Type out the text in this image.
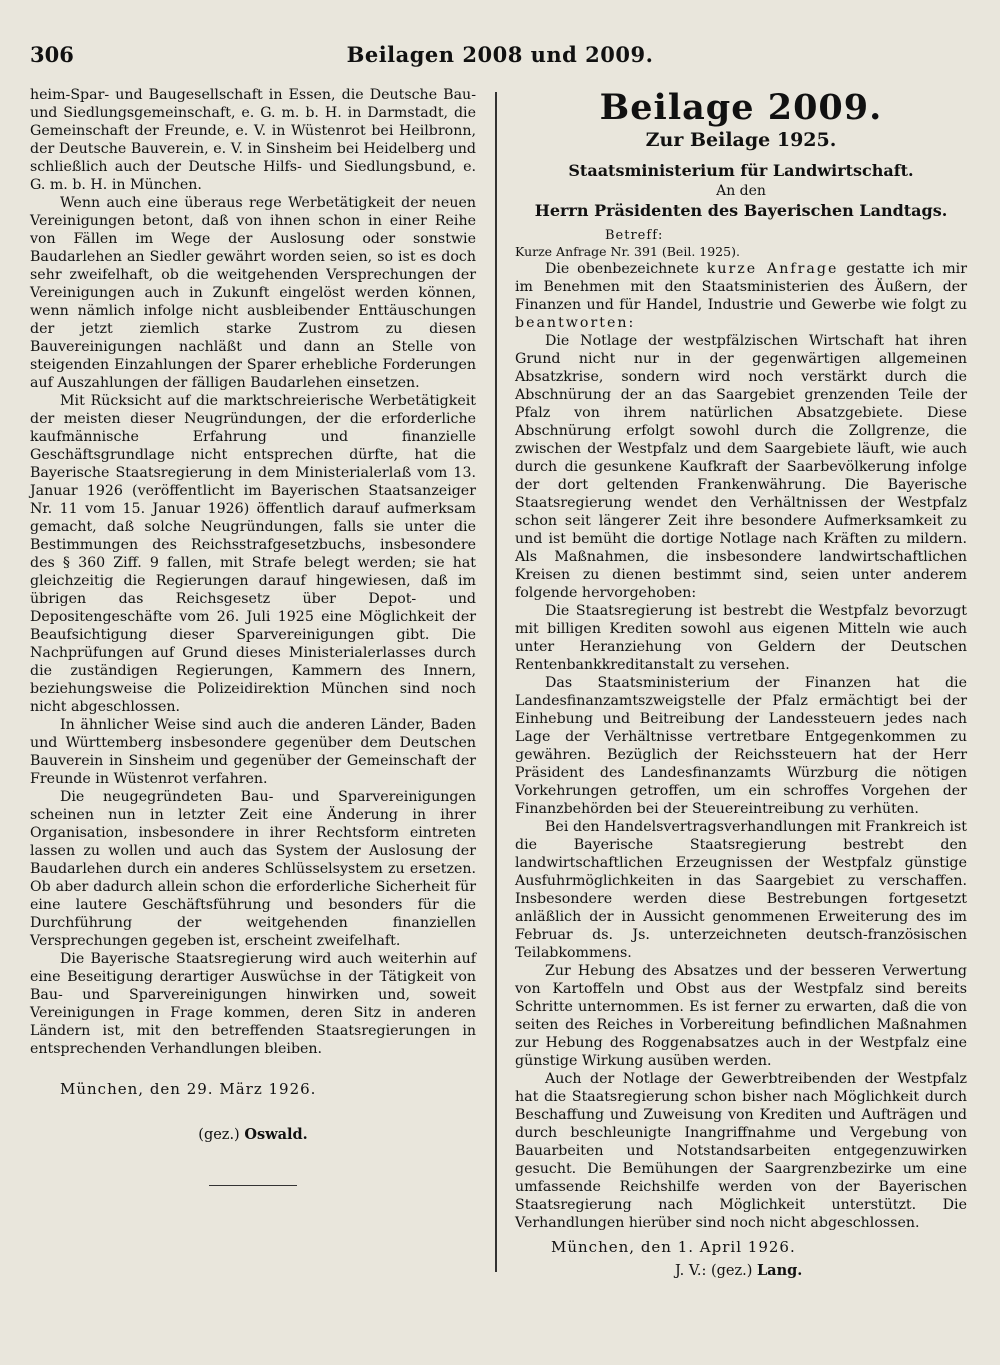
306	Beilagen 2008 und 2009.

heim-Spar- und Baugesellschaft in Essen, die Deutsche Bau- und Siedlungsgemeinschaft, e. G. m. b. H. in Darmstadt, die Gemeinschaft der Freunde, e. V. in Wüstenrot bei Heilbronn, der Deutsche Bauverein, e. V. in Sinsheim bei Heidelberg und schließlich auch der Deutsche Hilfs- und Siedlungsbund, e. G. m. b. H. in München.

Wenn auch eine überaus rege Werbetätigkeit der neuen Vereinigungen betont, daß von ihnen schon in einer Reihe von Fällen im Wege der Auslosung oder sonstwie Baudarlehen an Siedler gewährt worden seien, so ist es doch sehr zweifelhaft, ob die weitgehenden Versprechungen der Vereinigungen auch in Zukunft eingelöst werden können, wenn nämlich infolge nicht ausbleibender Enttäuschungen der jetzt ziemlich starke Zustrom zu diesen Bauvereinigungen nachläßt und dann an Stelle von steigenden Einzahlungen der Sparer erhebliche Forderungen auf Auszahlungen der fälligen Baudarlehen einsetzen.

Mit Rücksicht auf die marktschreierische Werbetätigkeit der meisten dieser Neugründungen, der die erforderliche kaufmännische Erfahrung und finanzielle Geschäftsgrundlage nicht entsprechen dürfte, hat die Bayerische Staatsregierung in dem Ministerialerlaß vom 13. Januar 1926 (veröffentlicht im Bayerischen Staatsanzeiger Nr. 11 vom 15. Januar 1926) öffentlich darauf aufmerksam gemacht, daß solche Neugründungen, falls sie unter die Bestimmungen des Reichsstrafgesetzbuchs, insbesondere des § 360 Ziff. 9 fallen, mit Strafe belegt werden; sie hat gleichzeitig die Regierungen darauf hingewiesen, daß im übrigen das Reichsgesetz über Depot- und Depositengeschäfte vom 26. Juli 1925 eine Möglichkeit der Beaufsichtigung dieser Sparvereinigungen gibt. Die Nachprüfungen auf Grund dieses Ministerialerlasses durch die zuständigen Regierungen, Kammern des Innern, beziehungsweise die Polizeidirektion München sind noch nicht abgeschlossen.

In ähnlicher Weise sind auch die anderen Länder, Baden und Württemberg insbesondere gegenüber dem Deutschen Bauverein in Sinsheim und gegenüber der Gemeinschaft der Freunde in Wüstenrot verfahren.

Die neugegründeten Bau- und Sparvereinigungen scheinen nun in letzter Zeit eine Änderung in ihrer Organisation, insbesondere in ihrer Rechtsform eintreten lassen zu wollen und auch das System der Auslosung der Baudarlehen durch ein anderes Schlüsselsystem zu ersetzen. Ob aber dadurch allein schon die erforderliche Sicherheit für eine lautere Geschäftsführung und besonders für die Durchführung der weitgehenden finanziellen Versprechungen gegeben ist, erscheint zweifelhaft.

Die Bayerische Staatsregierung wird auch weiterhin auf eine Beseitigung derartiger Auswüchse in der Tätigkeit von Bau- und Sparvereinigungen hinwirken und, soweit Vereinigungen in Frage kommen, deren Sitz in anderen Ländern ist, mit den betreffenden Staatsregierungen in entsprechenden Verhandlungen bleiben.

München, den 29. März 1926.
(gez.) Oswald.
Beilage 2009.
Zur Beilage 1925.
Staatsministerium für Landwirtschaft.
An den
Herrn Präsidenten des Bayerischen Landtags.
Betreff:
Kurze Anfrage Nr. 391 (Beil. 1925).

Die obenbezeichnete kurze Anfrage gestatte ich mir im Benehmen mit den Staatsministerien des Äußern, der Finanzen und für Handel, Industrie und Gewerbe wie folgt zu beantworten:

Die Notlage der westpfälzischen Wirtschaft hat ihren Grund nicht nur in der gegenwärtigen allgemeinen Absatzkrise, sondern wird noch verstärkt durch die Abschnürung der an das Saargebiet grenzenden Teile der Pfalz von ihrem natürlichen Absatzgebiete. Diese Abschnürung erfolgt sowohl durch die Zollgrenze, die zwischen der Westpfalz und dem Saargebiete läuft, wie auch durch die gesunkene Kaufkraft der Saarbevölkerung infolge der dort geltenden Frankenwährung. Die Bayerische Staatsregierung wendet den Verhältnissen der Westpfalz schon seit längerer Zeit ihre besondere Aufmerksamkeit zu und ist bemüht die dortige Notlage nach Kräften zu mildern. Als Maßnahmen, die insbesondere landwirtschaftlichen Kreisen zu dienen bestimmt sind, seien unter anderem folgende hervorgehoben:

Die Staatsregierung ist bestrebt die Westpfalz bevorzugt mit billigen Krediten sowohl aus eigenen Mitteln wie auch unter Heranziehung von Geldern der Deutschen Rentenbankkreditanstalt zu versehen.

Das Staatsministerium der Finanzen hat die Landesfinanzamtszweigstelle der Pfalz ermächtigt bei der Einhebung und Beitreibung der Landessteuern jedes nach Lage der Verhältnisse vertretbare Entgegenkommen zu gewähren. Bezüglich der Reichssteuern hat der Herr Präsident des Landesfinanzamts Würzburg die nötigen Vorkehrungen getroffen, um ein schroffes Vorgehen der Finanzbehörden bei der Steuereintreibung zu verhüten.

Bei den Handelsvertragsverhandlungen mit Frankreich ist die Bayerische Staatsregierung bestrebt den landwirtschaftlichen Erzeugnissen der Westpfalz günstige Ausfuhrmöglichkeiten in das Saargebiet zu verschaffen. Insbesondere werden diese Bestrebungen fortgesetzt anläßlich der in Aussicht genommenen Erweiterung des im Februar ds. Js. unterzeichneten deutsch-französischen Teilabkommens.

Zur Hebung des Absatzes und der besseren Verwertung von Kartoffeln und Obst aus der Westpfalz sind bereits Schritte unternommen. Es ist ferner zu erwarten, daß die von seiten des Reiches in Vorbereitung befindlichen Maßnahmen zur Hebung des Roggenabsatzes auch in der Westpfalz eine günstige Wirkung ausüben werden.

Auch der Notlage der Gewerbtreibenden der Westpfalz hat die Staatsregierung schon bisher nach Möglichkeit durch Beschaffung und Zuweisung von Krediten und Aufträgen und durch beschleunigte Inangriffnahme und Vergebung von Bauarbeiten und Notstandsarbeiten entgegenzuwirken gesucht. Die Bemühungen der Saargrenzbezirke um eine umfassende Reichshilfe werden von der Bayerischen Staatsregierung nach Möglichkeit unterstützt. Die Verhandlungen hierüber sind noch nicht abgeschlossen.

München, den 1. April 1926.
J. V.: (gez.) Lang.
